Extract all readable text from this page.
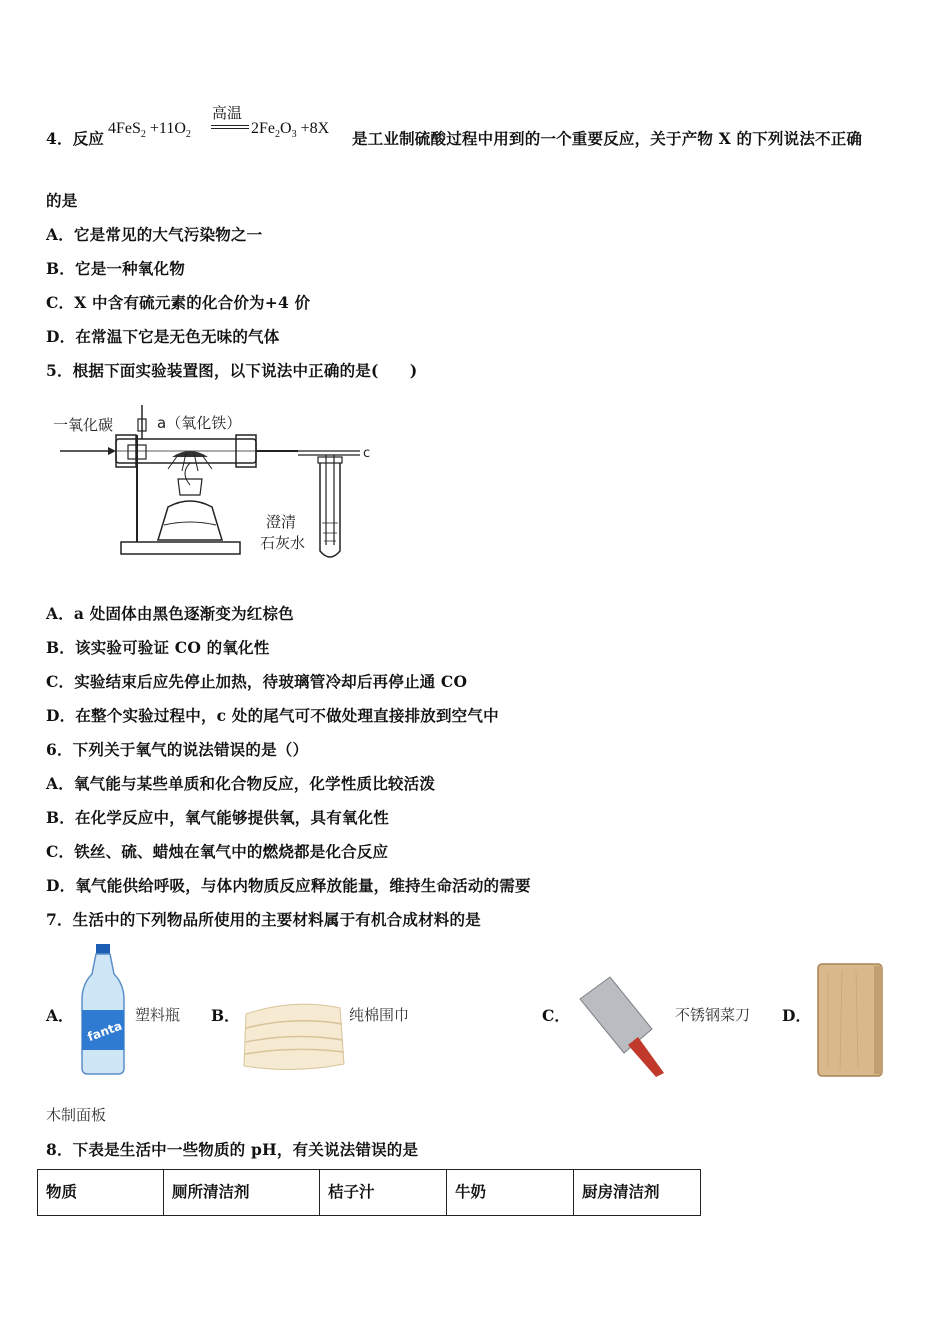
4．反应
$4FeS_2 +11O_2$
高温
$2Fe_2O_3 +8X$
是工业制硫酸过程中用到的一个重要反应，关于产物 X 的下列说法不正确
的是
A．它是常见的大气污染物之一
B．它是一种氧化物
C．X 中含有硫元素的化合价为+4 价
D．在常温下它是无色无味的气体
5．根据下面实验装置图，以下说法中正确的是(　　)
一氧化碳	a（氧化铁）
c
澄清
石灰水
A．a 处固体由黑色逐渐变为红棕色
B．该实验可验证 CO 的氧化性
C．实验结束后应先停止加热，待玻璃管冷却后再停止通 CO
D．在整个实验过程中，c 处的尾气可不做处理直接排放到空气中
6．下列关于氧气的说法错误的是（）
A．氧气能与某些单质和化合物反应，化学性质比较活泼
B．在化学反应中，氧气能够提供氧，具有氧化性
C．铁丝、硫、蜡烛在氧气中的燃烧都是化合反应
D．氧气能供给呼吸，与体内物质反应释放能量，维持生命活动的需要
7．生活中的下列物品所使用的主要材料属于有机合成材料的是
A．
fanta
塑料瓶 B．	纯棉围巾	C．	不锈钢菜刀 D．
木制面板
8．下表是生活中一些物质的 pH，有关说法错误的是
物质	厕所清洁剂	桔子汁	牛奶	厨房清洁剂
